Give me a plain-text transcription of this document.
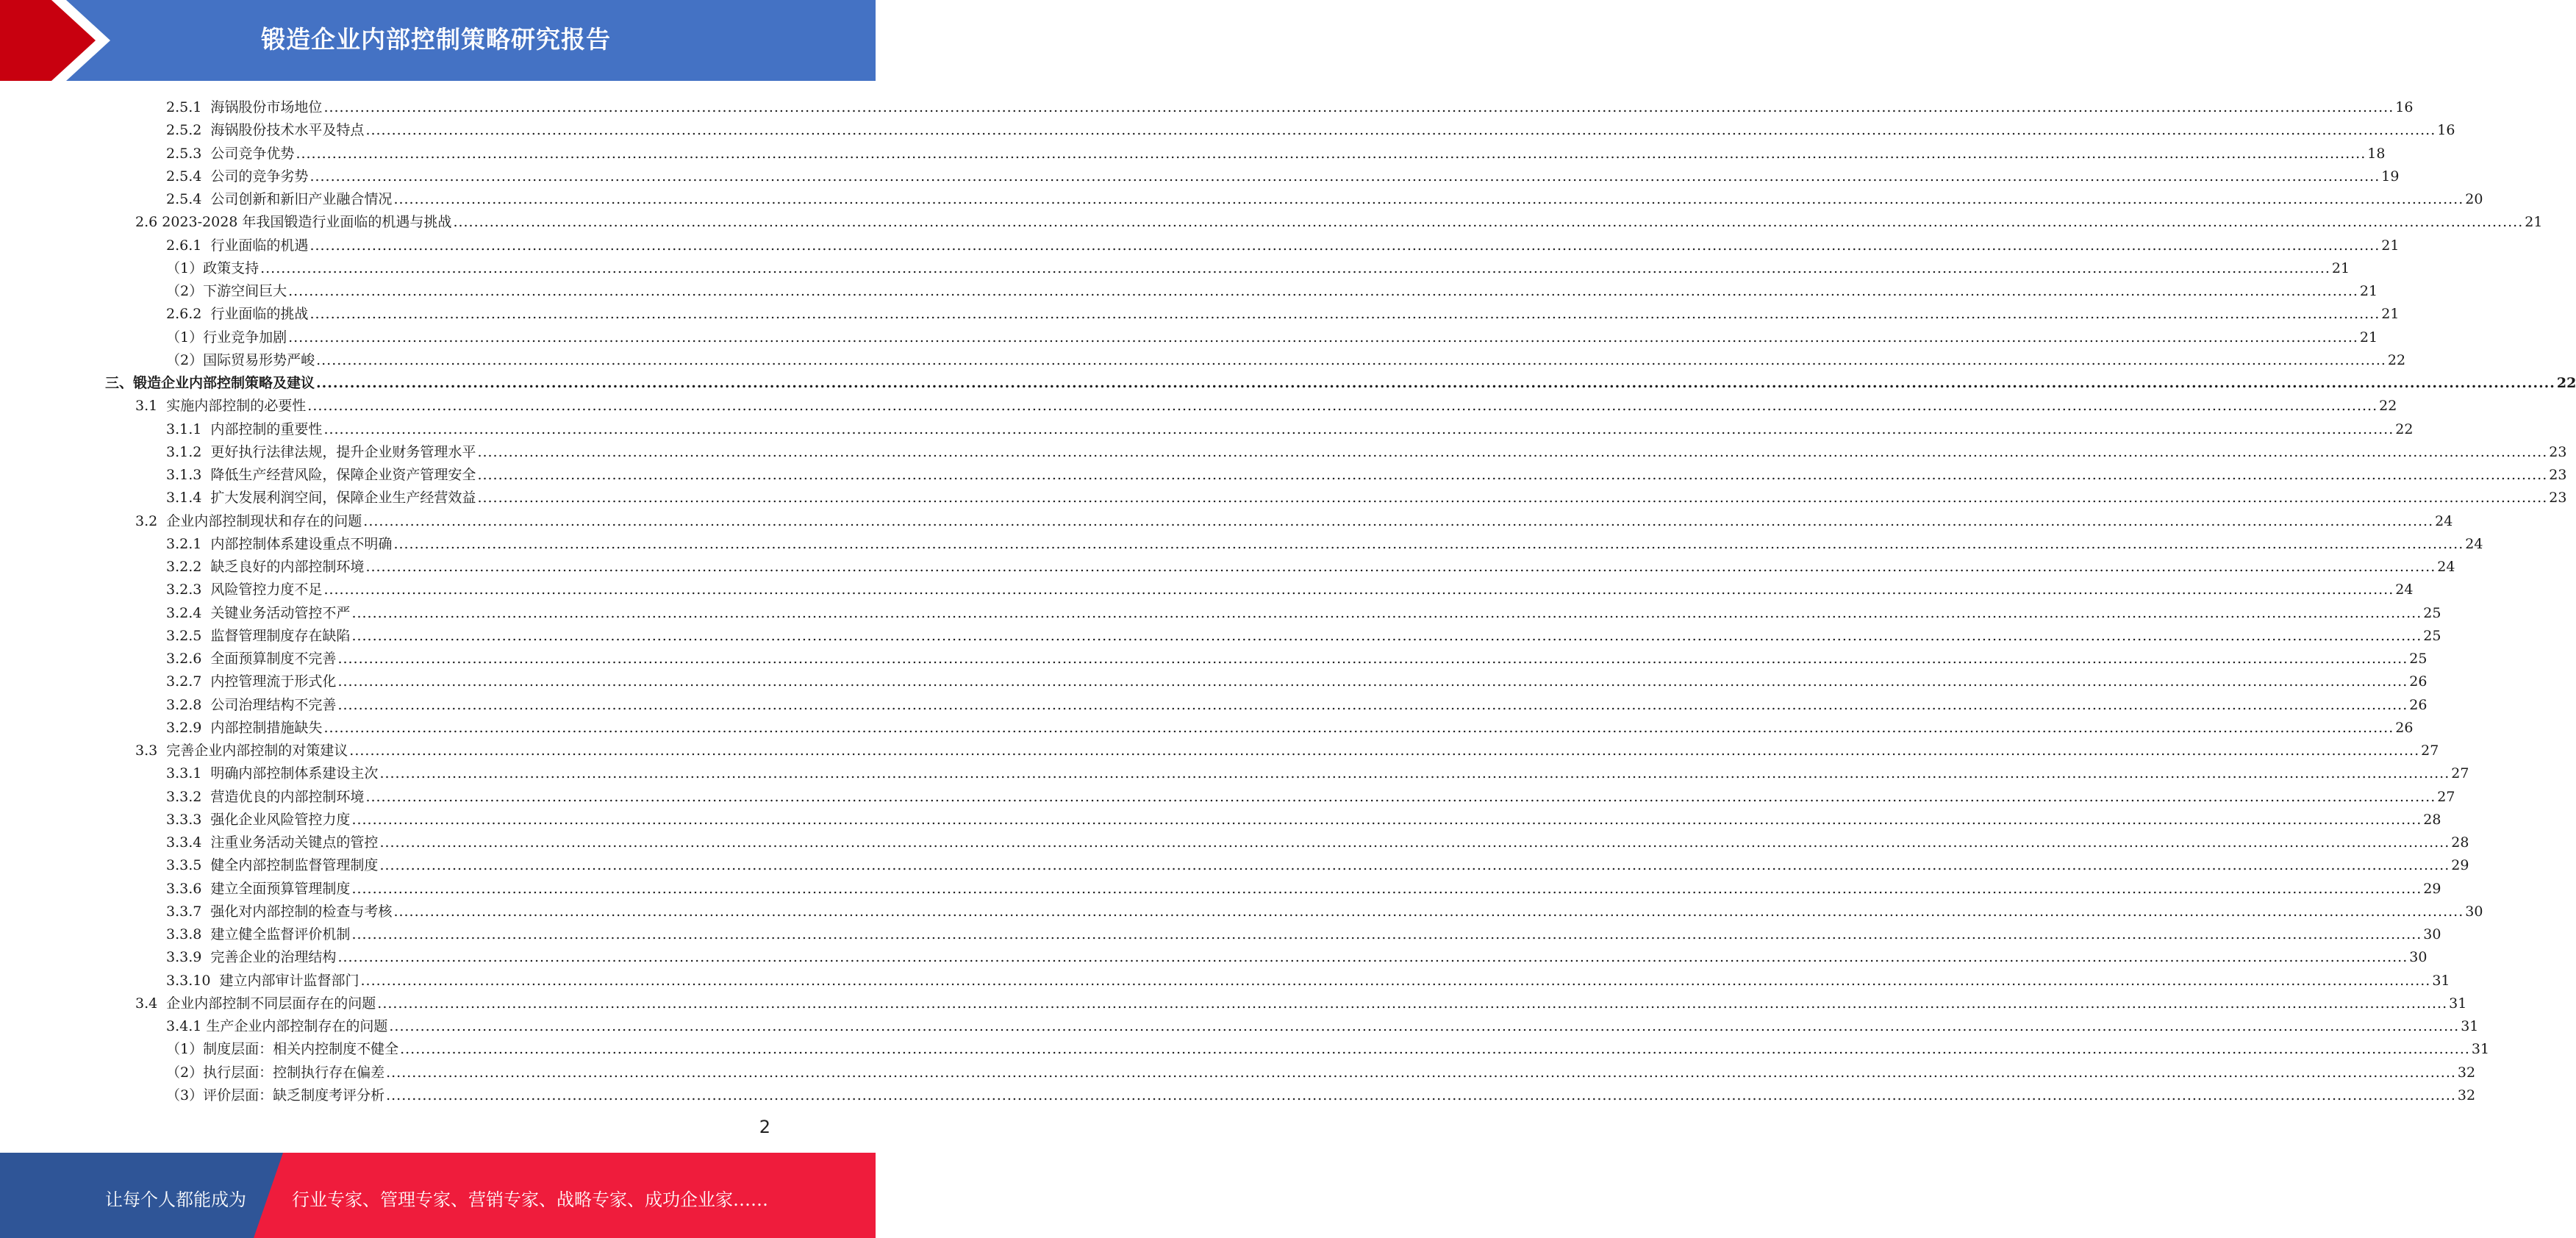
锻造企业内部控制策略研究报告
2.5.1  海锅股份市场地位 ................................................................................................................................................................................................................................................................................................................................................................................................................ 16
2.5.2  海锅股份技术水平及特点 ................................................................................................................................................................................................................................................................................................................................................................................................................ 16
2.5.3  公司竞争优势 ................................................................................................................................................................................................................................................................................................................................................................................................................ 18
2.5.4  公司的竞争劣势 ................................................................................................................................................................................................................................................................................................................................................................................................................ 19
2.5.4  公司创新和新旧产业融合情况 ................................................................................................................................................................................................................................................................................................................................................................................................................ 20
2.6 2023-2028 年我国锻造行业面临的机遇与挑战 ................................................................................................................................................................................................................................................................................................................................................................................................................ 21
2.6.1  行业面临的机遇 ................................................................................................................................................................................................................................................................................................................................................................................................................ 21
（1）政策支持 ................................................................................................................................................................................................................................................................................................................................................................................................................ 21
（2）下游空间巨大 ................................................................................................................................................................................................................................................................................................................................................................................................................ 21
2.6.2  行业面临的挑战 ................................................................................................................................................................................................................................................................................................................................................................................................................ 21
（1）行业竞争加剧 ................................................................................................................................................................................................................................................................................................................................................................................................................ 21
（2）国际贸易形势严峻 ................................................................................................................................................................................................................................................................................................................................................................................................................ 22
三、锻造企业内部控制策略及建议 ................................................................................................................................................................................................................................................................................................................................................................................................................ 22
3.1  实施内部控制的必要性 ................................................................................................................................................................................................................................................................................................................................................................................................................ 22
3.1.1  内部控制的重要性 ................................................................................................................................................................................................................................................................................................................................................................................................................ 22
3.1.2  更好执行法律法规，提升企业财务管理水平 ................................................................................................................................................................................................................................................................................................................................................................................................................ 23
3.1.3  降低生产经营风险，保障企业资产管理安全 ................................................................................................................................................................................................................................................................................................................................................................................................................ 23
3.1.4  扩大发展利润空间，保障企业生产经营效益 ................................................................................................................................................................................................................................................................................................................................................................................................................ 23
3.2  企业内部控制现状和存在的问题 ................................................................................................................................................................................................................................................................................................................................................................................................................ 24
3.2.1  内部控制体系建设重点不明确 ................................................................................................................................................................................................................................................................................................................................................................................................................ 24
3.2.2  缺乏良好的内部控制环境 ................................................................................................................................................................................................................................................................................................................................................................................................................ 24
3.2.3  风险管控力度不足 ................................................................................................................................................................................................................................................................................................................................................................................................................ 24
3.2.4  关键业务活动管控不严 ................................................................................................................................................................................................................................................................................................................................................................................................................ 25
3.2.5  监督管理制度存在缺陷 ................................................................................................................................................................................................................................................................................................................................................................................................................ 25
3.2.6  全面预算制度不完善 ................................................................................................................................................................................................................................................................................................................................................................................................................ 25
3.2.7  内控管理流于形式化 ................................................................................................................................................................................................................................................................................................................................................................................................................ 26
3.2.8  公司治理结构不完善 ................................................................................................................................................................................................................................................................................................................................................................................................................ 26
3.2.9  内部控制措施缺失 ................................................................................................................................................................................................................................................................................................................................................................................................................ 26
3.3  完善企业内部控制的对策建议 ................................................................................................................................................................................................................................................................................................................................................................................................................ 27
3.3.1  明确内部控制体系建设主次 ................................................................................................................................................................................................................................................................................................................................................................................................................ 27
3.3.2  营造优良的内部控制环境 ................................................................................................................................................................................................................................................................................................................................................................................................................ 27
3.3.3  强化企业风险管控力度 ................................................................................................................................................................................................................................................................................................................................................................................................................ 28
3.3.4  注重业务活动关键点的管控 ................................................................................................................................................................................................................................................................................................................................................................................................................ 28
3.3.5  健全内部控制监督管理制度 ................................................................................................................................................................................................................................................................................................................................................................................................................ 29
3.3.6  建立全面预算管理制度 ................................................................................................................................................................................................................................................................................................................................................................................................................ 29
3.3.7  强化对内部控制的检查与考核 ................................................................................................................................................................................................................................................................................................................................................................................................................ 30
3.3.8  建立健全监督评价机制 ................................................................................................................................................................................................................................................................................................................................................................................................................ 30
3.3.9  完善企业的治理结构 ................................................................................................................................................................................................................................................................................................................................................................................................................ 30
3.3.10  建立内部审计监督部门 ................................................................................................................................................................................................................................................................................................................................................................................................................ 31
3.4  企业内部控制不同层面存在的问题 ................................................................................................................................................................................................................................................................................................................................................................................................................ 31
3.4.1 生产企业内部控制存在的问题 ................................................................................................................................................................................................................................................................................................................................................................................................................ 31
（1）制度层面：相关内控制度不健全 ................................................................................................................................................................................................................................................................................................................................................................................................................ 31
（2）执行层面：控制执行存在偏差 ................................................................................................................................................................................................................................................................................................................................................................................................................ 32
（3）评价层面：缺乏制度考评分析 ................................................................................................................................................................................................................................................................................................................................................................................................................ 32
2
让每个人都能成为	行业专家、管理专家、营销专家、战略专家、成功企业家……
